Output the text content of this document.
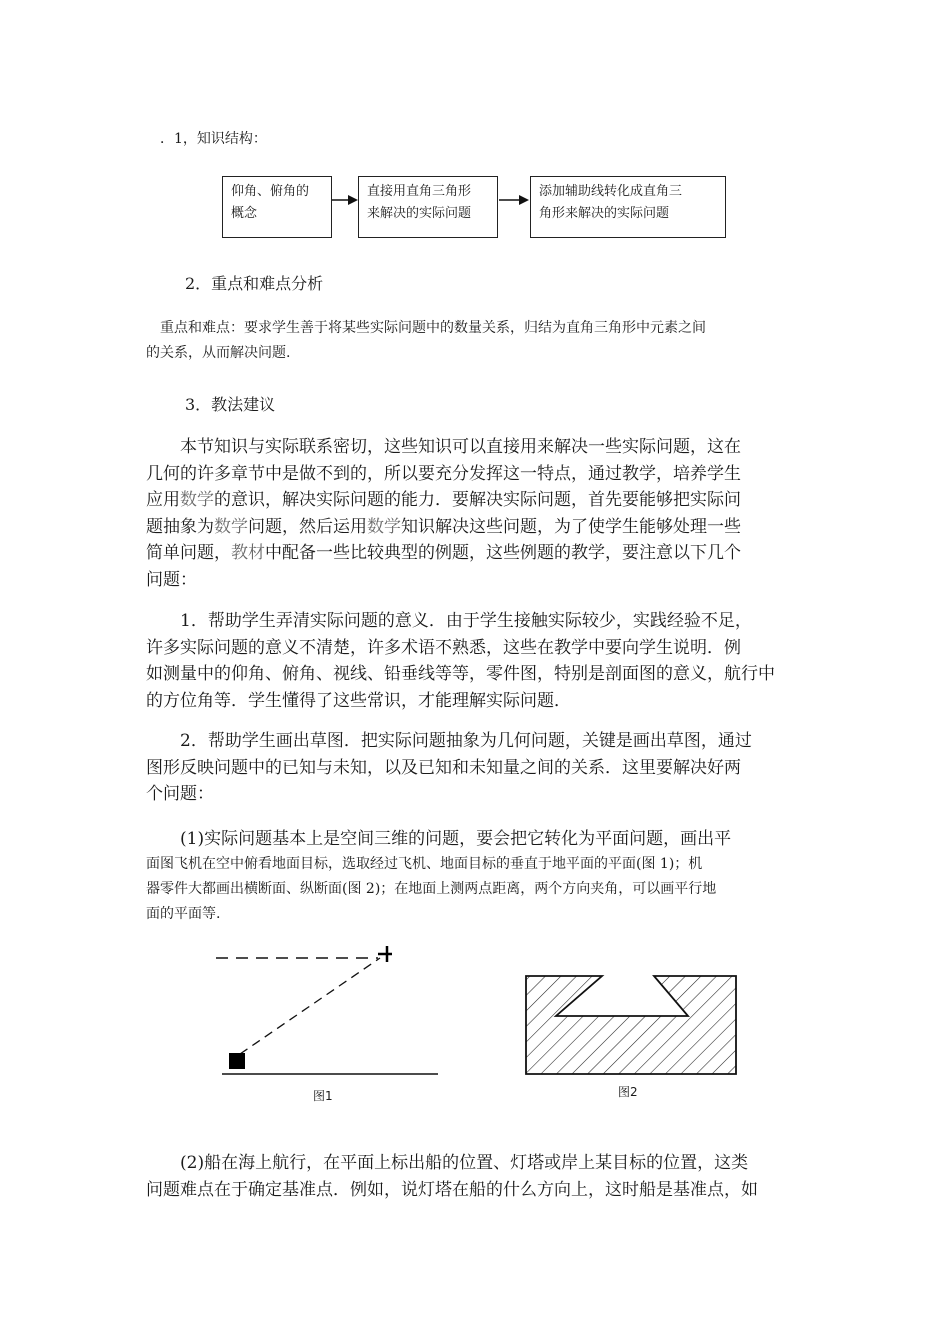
．1，知识结构：
仰角、俯角的
概念
直接用直角三角形
来解决的实际问题
添加辅助线转化成直角三
角形来解决的实际问题
2．重点和难点分析
重点和难点：要求学生善于将某些实际问题中的数量关系，归结为直角三角形中元素之间
的关系，从而解决问题.
3．教法建议
本节知识与实际联系密切，这些知识可以直接用来解决一些实际问题，这在
几何的许多章节中是做不到的，所以要充分发挥这一特点，通过教学，培养学生
应用数学的意识，解决实际问题的能力．要解决实际问题，首先要能够把实际问
题抽象为数学问题，然后运用数学知识解决这些问题，为了使学生能够处理一些
简单问题，教材中配备一些比较典型的例题，这些例题的教学，要注意以下几个
问题：
1．帮助学生弄清实际问题的意义．由于学生接触实际较少，实践经验不足，
许多实际问题的意义不清楚，许多术语不熟悉，这些在教学中要向学生说明．例
如测量中的仰角、俯角、视线、铅垂线等等，零件图，特别是剖面图的意义，航行中
的方位角等．学生懂得了这些常识，才能理解实际问题．
2．帮助学生画出草图．把实际问题抽象为几何问题，关键是画出草图，通过
图形反映问题中的已知与未知，以及已知和未知量之间的关系．这里要解决好两
个问题：
(1)实际问题基本上是空间三维的问题，要会把它转化为平面问题，画出平
面图飞机在空中俯看地面目标，选取经过飞机、地面目标的垂直于地平面的平面(图 1)；机
器零件大都画出横断面、纵断面(图 2)；在地面上测两点距离，两个方向夹角，可以画平行地
面的平面等.
图1	图2
(2)船在海上航行，在平面上标出船的位置、灯塔或岸上某目标的位置，这类
问题难点在于确定基准点．例如，说灯塔在船的什么方向上，这时船是基准点，如
